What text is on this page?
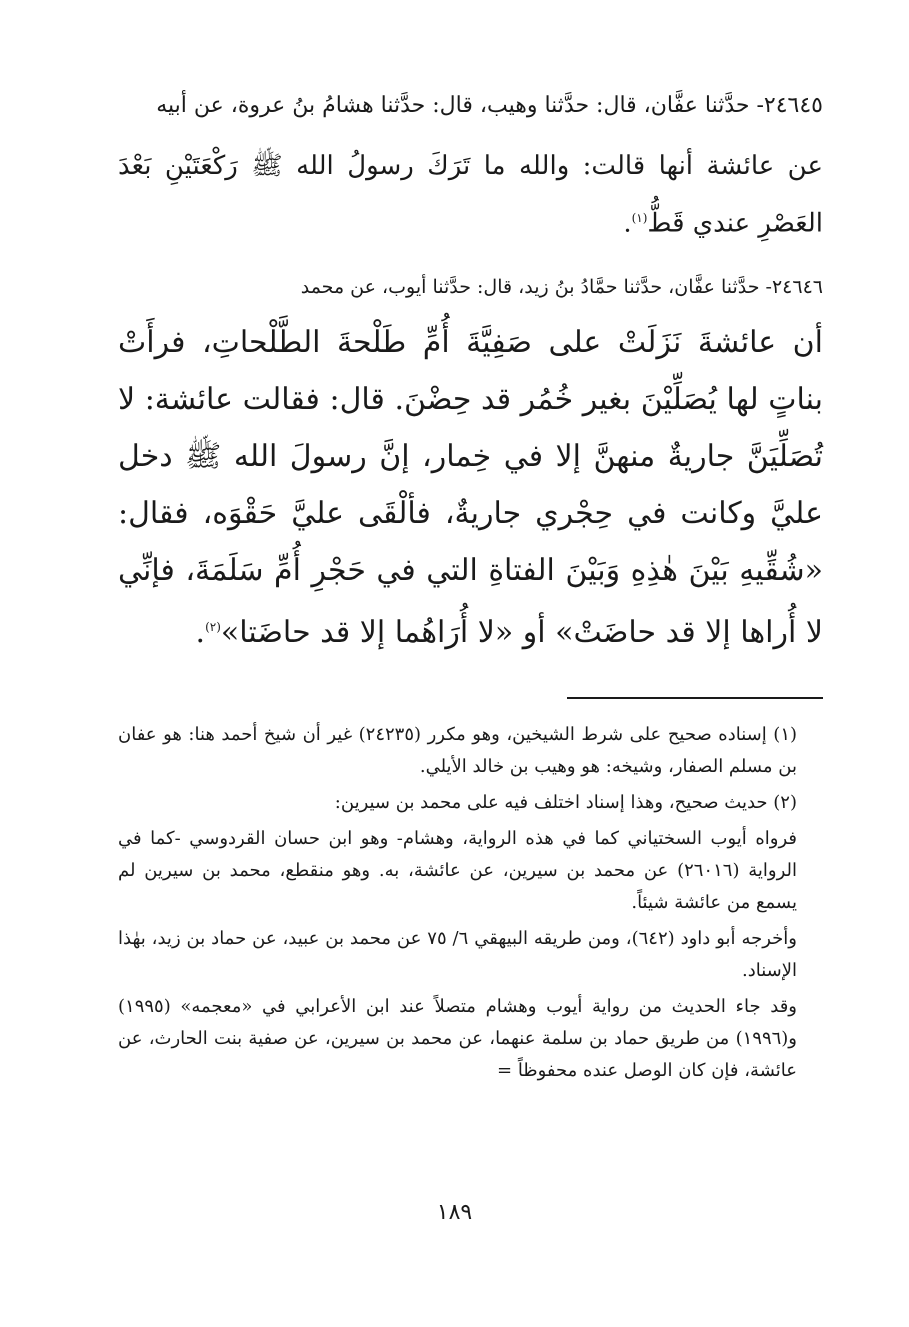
٢٤٦٤٥- حدَّثنا عفَّان، قال: حدَّثنا وهيب، قال: حدَّثنا هشامُ بنُ عروة، عن أبيه
عن عائشة أنها قالت: والله ما تَرَكَ رسولُ الله ﷺ رَكْعَتَيْنِ بَعْدَ العَصْرِ عندي قَطُّ$^{(١)}$.
٢٤٦٤٦- حدَّثنا عفَّان، حدَّثنا حمَّادُ بنُ زيد، قال: حدَّثنا أيوب، عن محمد
أن عائشةَ نَزَلَتْ على صَفِيَّةَ أُمِّ طَلْحةَ الطَّلْحاتِ، فرأَتْ بناتٍ لها يُصَلِّيْنَ بغير خُمُر قد حِضْنَ. قال: فقالت عائشة: لا تُصَلِّيَنَّ جاريةٌ منهنَّ إلا في خِمار، إنَّ رسولَ الله ﷺ دخل عليَّ وكانت في حِجْري جاريةٌ، فألْقَى عليَّ حَقْوَه، فقال: «شُقِّيهِ بَيْنَ هٰذِهِ وَبَيْنَ الفتاةِ التي في حَجْرِ أُمِّ سَلَمَةَ، فإنِّي لا أُراها إلا قد حاضَتْ» أو «لا أُرَاهُما إلا قد حاضَتا»$^{(٢)}$.

(١) إسناده صحيح على شرط الشيخين، وهو مكرر (٢٤٢٣٥) غير أن شيخ أحمد هنا: هو عفان بن مسلم الصفار، وشيخه: هو وهيب بن خالد الأيلي.

(٢) حديث صحيح، وهذا إسناد اختلف فيه على محمد بن سيرين:

فرواه أيوب السختياني كما في هذه الرواية، وهشام- وهو ابن حسان القردوسي -كما في الرواية (٢٦٠١٦) عن محمد بن سيرين، عن عائشة، به. وهو منقطع، محمد بن سيرين لم يسمع من عائشة شيئاً.

وأخرجه أبو داود (٦٤٢)، ومن طريقه البيهقي ٦/ ٧٥ عن محمد بن عبيد، عن حماد بن زيد، بهٰذا الإسناد.

وقد جاء الحديث من رواية أيوب وهشام متصلاً عند ابن الأعرابي في «معجمه» (١٩٩٥) و(١٩٩٦) من طريق حماد بن سلمة عنهما، عن محمد بن سيرين، عن صفية بنت الحارث، عن عائشة، فإن كان الوصل عنده محفوظاً =

١٨٩
